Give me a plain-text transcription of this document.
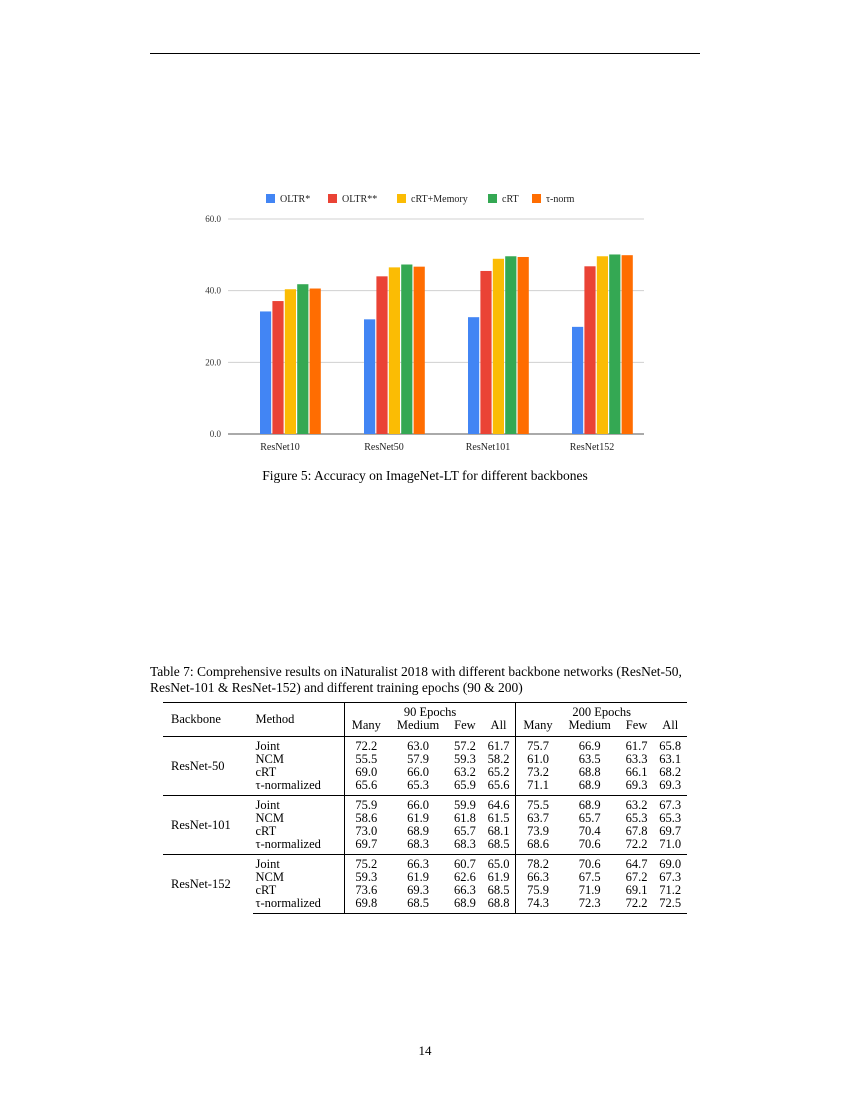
0.0
20.0
40.0
60.0
ResNet10	ResNet50	ResNet101	ResNet152
OLTR*	OLTR**	cRT+Memory	cRT	τ-norm
Figure 5: Accuracy on ImageNet-LT for different backbones
Table 7: Comprehensive results on iNaturalist 2018 with different backbone networks (ResNet-50, ResNet-101 & ResNet-152) and different training epochs (90 & 200)
Backbone	Method	90 Epochs				200 Epochs			
		Many	Medium	Few	All	Many	Medium	Few	All
ResNet-50	Joint	72.2	63.0	57.2	61.7	75.7	66.9	61.7	65.8
	NCM	55.5	57.9	59.3	58.2	61.0	63.5	63.3	63.1
	cRT	69.0	66.0	63.2	65.2	73.2	68.8	66.1	68.2
	τ-normalized	65.6	65.3	65.9	65.6	71.1	68.9	69.3	69.3
ResNet-101	Joint	75.9	66.0	59.9	64.6	75.5	68.9	63.2	67.3
	NCM	58.6	61.9	61.8	61.5	63.7	65.7	65.3	65.3
	cRT	73.0	68.9	65.7	68.1	73.9	70.4	67.8	69.7
	τ-normalized	69.7	68.3	68.3	68.5	68.6	70.6	72.2	71.0
ResNet-152	Joint	75.2	66.3	60.7	65.0	78.2	70.6	64.7	69.0
	NCM	59.3	61.9	62.6	61.9	66.3	67.5	67.2	67.3
	cRT	73.6	69.3	66.3	68.5	75.9	71.9	69.1	71.2
	τ-normalized	69.8	68.5	68.9	68.8	74.3	72.3	72.2	72.5
14
